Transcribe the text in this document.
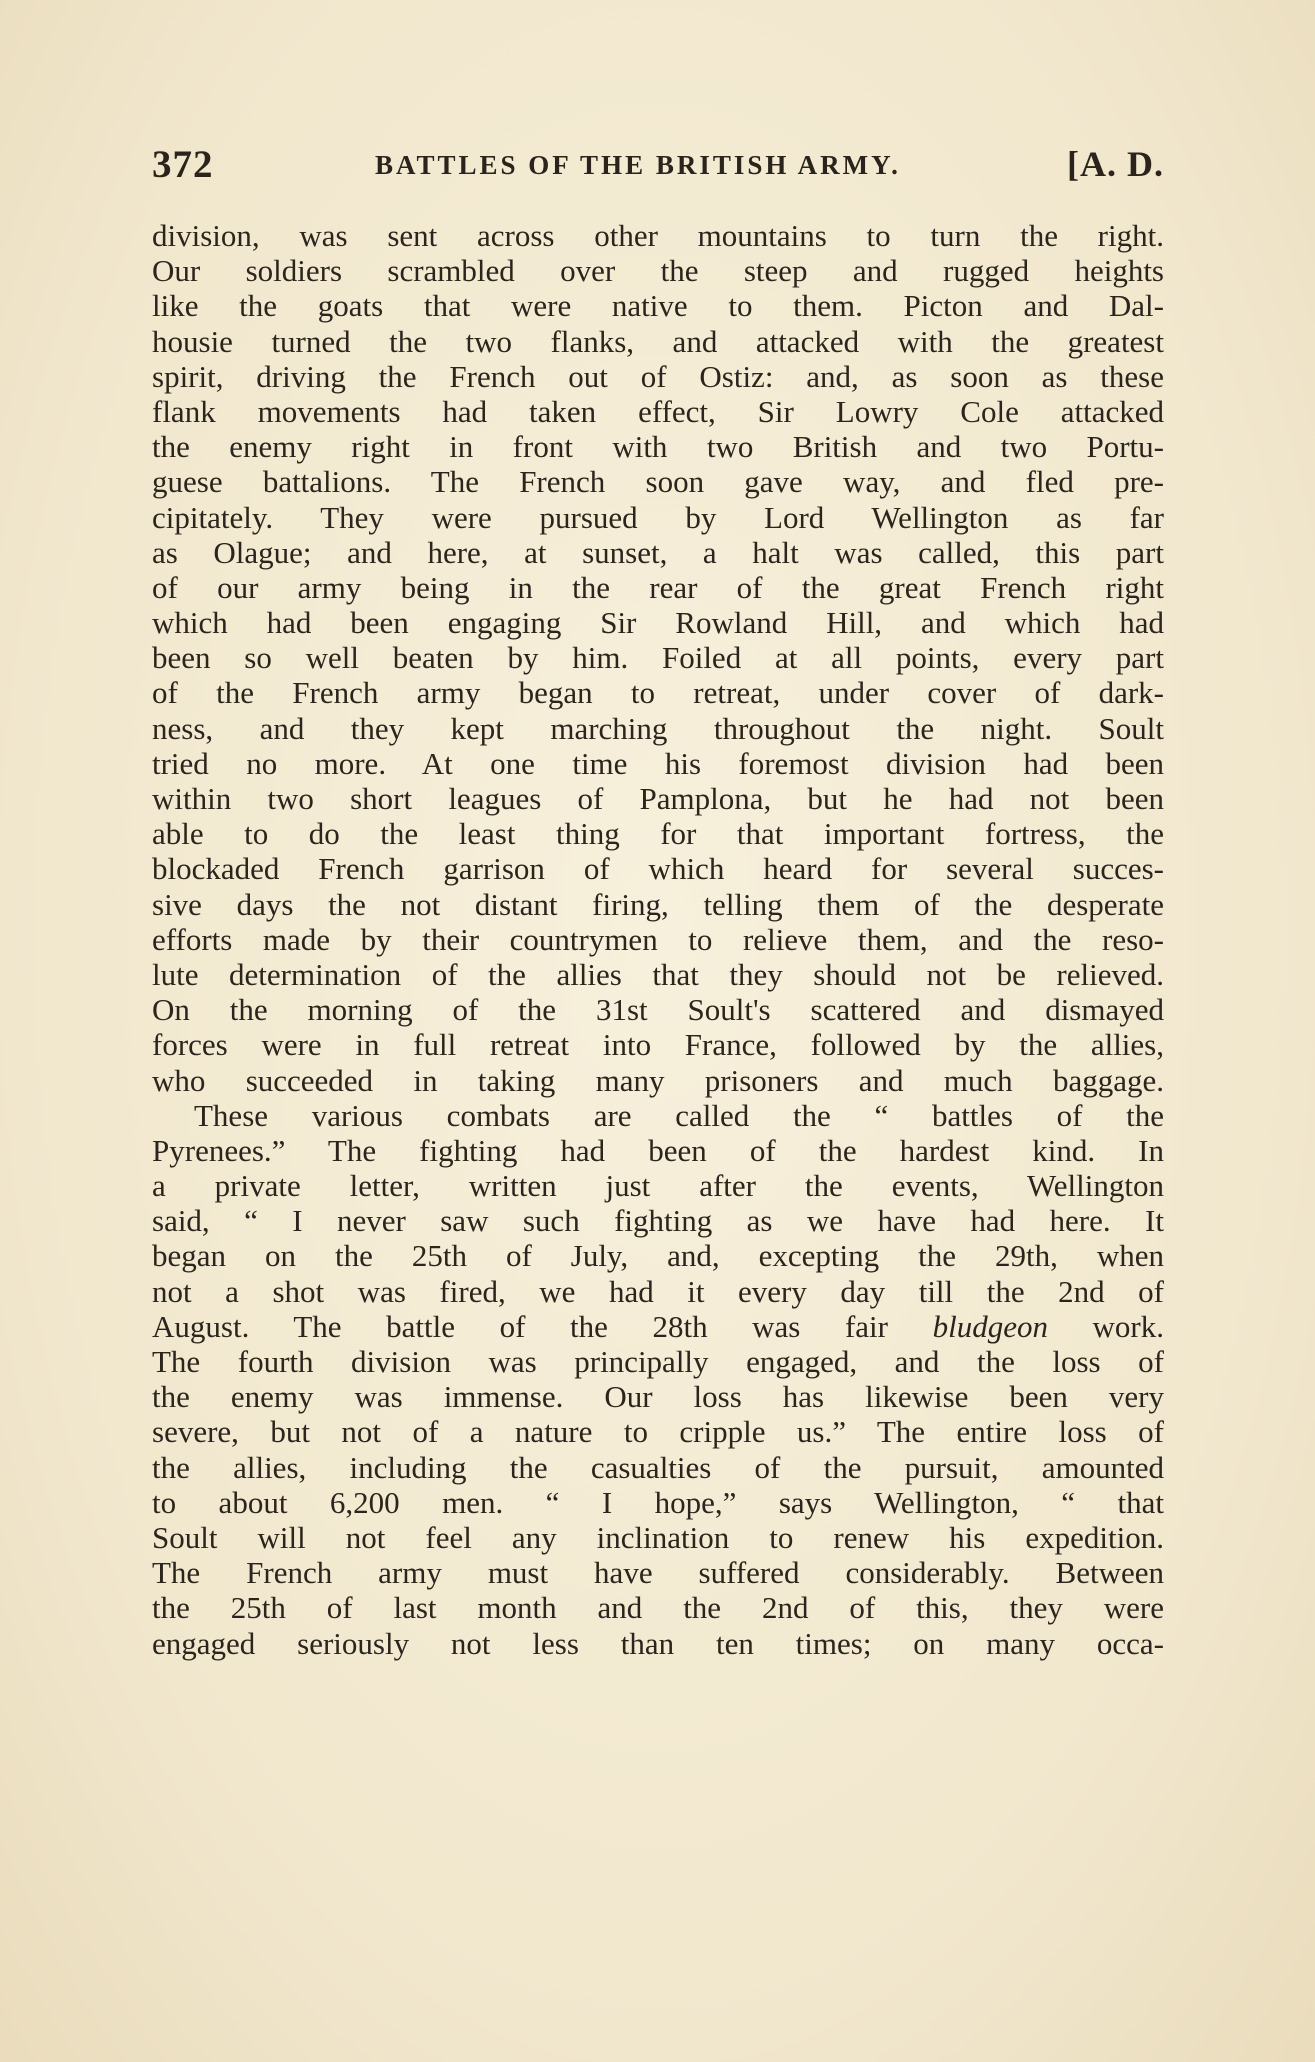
372	BATTLES OF THE BRITISH ARMY.	[A. D.
division, was sent across other mountains to turn the right.
Our soldiers scrambled over the steep and rugged heights
like the goats that were native to them. Picton and Dal-
housie turned the two flanks, and attacked with the greatest
spirit, driving the French out of Ostiz: and, as soon as these
flank movements had taken effect, Sir Lowry Cole attacked
the enemy right in front with two British and two Portu-
guese battalions. The French soon gave way, and fled pre-
cipitately. They were pursued by Lord Wellington as far
as Olague; and here, at sunset, a halt was called, this part
of our army being in the rear of the great French right
which had been engaging Sir Rowland Hill, and which had
been so well beaten by him. Foiled at all points, every part
of the French army began to retreat, under cover of dark-
ness, and they kept marching throughout the night. Soult
tried no more. At one time his foremost division had been
within two short leagues of Pamplona, but he had not been
able to do the least thing for that important fortress, the
blockaded French garrison of which heard for several succes-
sive days the not distant firing, telling them of the desperate
efforts made by their countrymen to relieve them, and the reso-
lute determination of the allies that they should not be relieved.
On the morning of the 31st Soult's scattered and dismayed
forces were in full retreat into France, followed by the allies,
who succeeded in taking many prisoners and much baggage.
These various combats are called the “ battles of the
Pyrenees.” The fighting had been of the hardest kind. In
a private letter, written just after the events, Wellington
said, “ I never saw such fighting as we have had here. It
began on the 25th of July, and, excepting the 29th, when
not a shot was fired, we had it every day till the 2nd of
August. The battle of the 28th was fair bludgeon work.
The fourth division was principally engaged, and the loss of
the enemy was immense. Our loss has likewise been very
severe, but not of a nature to cripple us.” The entire loss of
the allies, including the casualties of the pursuit, amounted
to about 6,200 men. “ I hope,” says Wellington, “ that
Soult will not feel any inclination to renew his expedition.
The French army must have suffered considerably. Between
the 25th of last month and the 2nd of this, they were
engaged seriously not less than ten times; on many occa-
